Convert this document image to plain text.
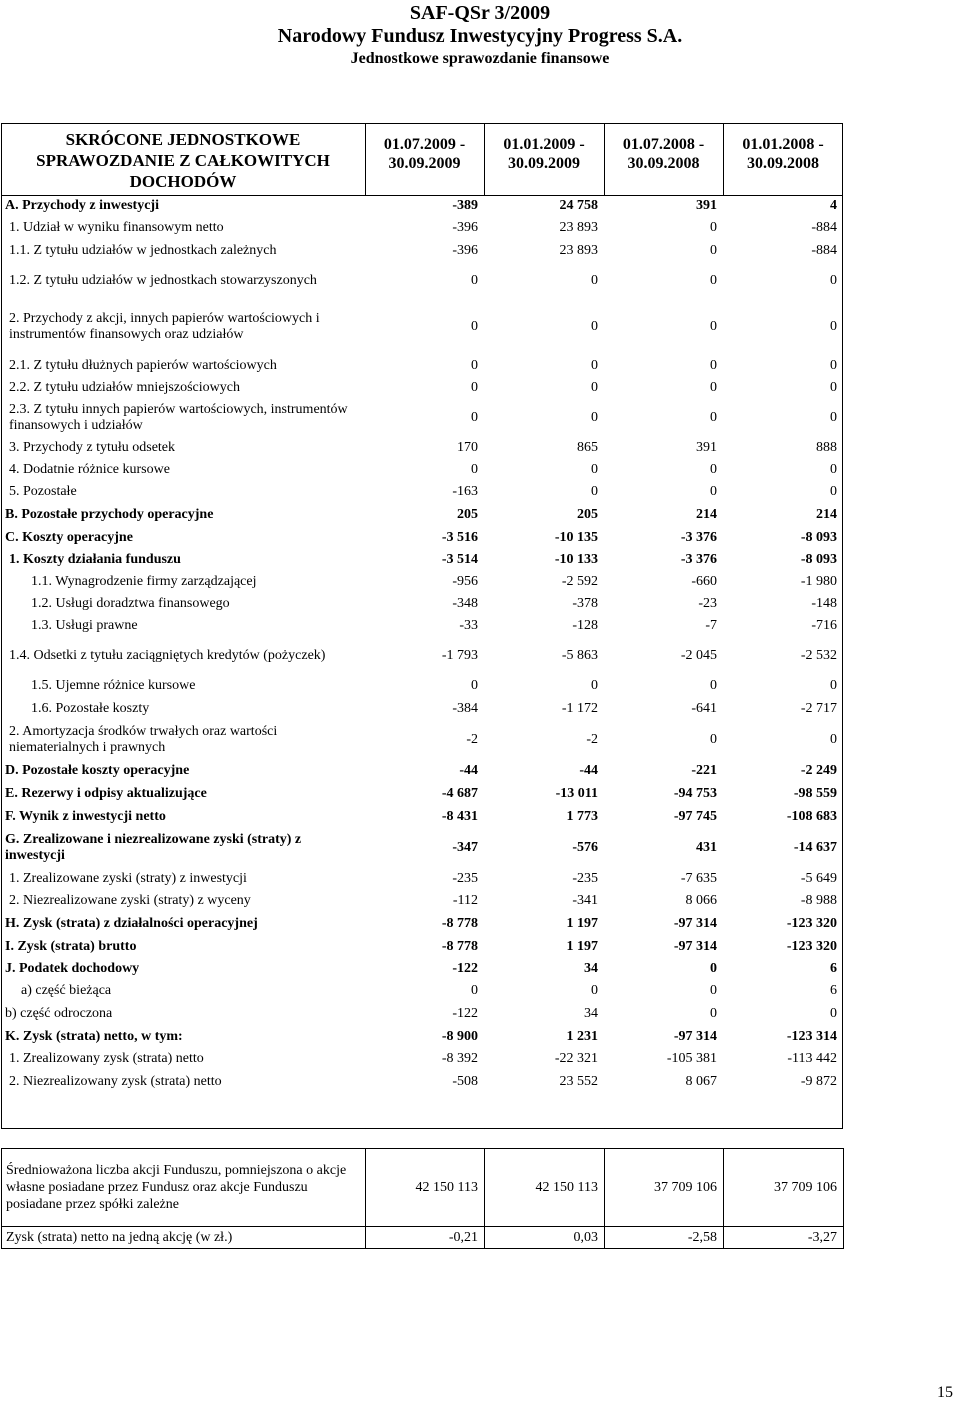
SAF-QSr 3/2009
Narodowy Fundusz Inwestycyjny Progress S.A.
Jednostkowe sprawozdanie finansowe
SKRÓCONE JEDNOSTKOWE SPRAWOZDANIE Z CAŁKOWITYCH DOCHODÓW	01.07.2009 - 30.09.2009	01.01.2009 - 30.09.2009	01.07.2008 - 30.09.2008	01.01.2008 - 30.09.2008
A. Przychody z inwestycji	-389	24 758	391	4
1. Udział w wyniku finansowym netto	-396	23 893	0	-884
1.1. Z tytułu udziałów w jednostkach zależnych	-396	23 893	0	-884
1.2. Z tytułu udziałów w jednostkach stowarzyszonych	0	0	0	0
2. Przychody z akcji, innych papierów wartościowych i instrumentów finansowych oraz udziałów	0	0	0	0
2.1. Z tytułu dłużnych papierów wartościowych	0	0	0	0
2.2. Z tytułu udziałów mniejszościowych	0	0	0	0
2.3. Z tytułu innych papierów wartościowych, instrumentów finansowych i udziałów	0	0	0	0
3. Przychody z tytułu odsetek	170	865	391	888
4. Dodatnie różnice kursowe	0	0	0	0
5. Pozostałe	-163	0	0	0
B. Pozostałe przychody operacyjne	205	205	214	214
C. Koszty operacyjne	-3 516	-10 135	-3 376	-8 093
1. Koszty działania funduszu	-3 514	-10 133	-3 376	-8 093
1.1. Wynagrodzenie firmy zarządzającej	-956	-2 592	-660	-1 980
1.2. Usługi doradztwa finansowego	-348	-378	-23	-148
1.3. Usługi prawne	-33	-128	-7	-716
1.4. Odsetki z tytułu zaciągniętych kredytów (pożyczek)	-1 793	-5 863	-2 045	-2 532
1.5. Ujemne różnice kursowe	0	0	0	0
1.6. Pozostałe koszty	-384	-1 172	-641	-2 717
2. Amortyzacja środków trwałych oraz wartości niematerialnych i prawnych	-2	-2	0	0
D. Pozostałe koszty operacyjne	-44	-44	-221	-2 249
E. Rezerwy i odpisy aktualizujące	-4 687	-13 011	-94 753	-98 559
F. Wynik z inwestycji netto	-8 431	1 773	-97 745	-108 683
G. Zrealizowane i niezrealizowane zyski (straty) z inwestycji	-347	-576	431	-14 637
1. Zrealizowane zyski (straty) z inwestycji	-235	-235	-7 635	-5 649
2. Niezrealizowane zyski (straty) z wyceny	-112	-341	8 066	-8 988
H. Zysk (strata) z działalności operacyjnej	-8 778	1 197	-97 314	-123 320
I. Zysk (strata) brutto	-8 778	1 197	-97 314	-123 320
J. Podatek dochodowy	-122	34	0	6
a) część bieżąca	0	0	0	6
b) część odroczona	-122	34	0	0
K. Zysk (strata) netto, w tym:	-8 900	1 231	-97 314	-123 314
1. Zrealizowany zysk (strata) netto	-8 392	-22 321	-105 381	-113 442
2. Niezrealizowany zysk (strata) netto	-508	23 552	8 067	-9 872
Średnioważona liczba akcji Funduszu, pomniejszona o akcje własne posiadane przez Fundusz oraz akcje Funduszu posiadane przez spółki zależne	42 150 113	42 150 113	37 709 106	37 709 106
Zysk (strata) netto na jedną akcję (w zł.)	-0,21	0,03	-2,58	-3,27
15
